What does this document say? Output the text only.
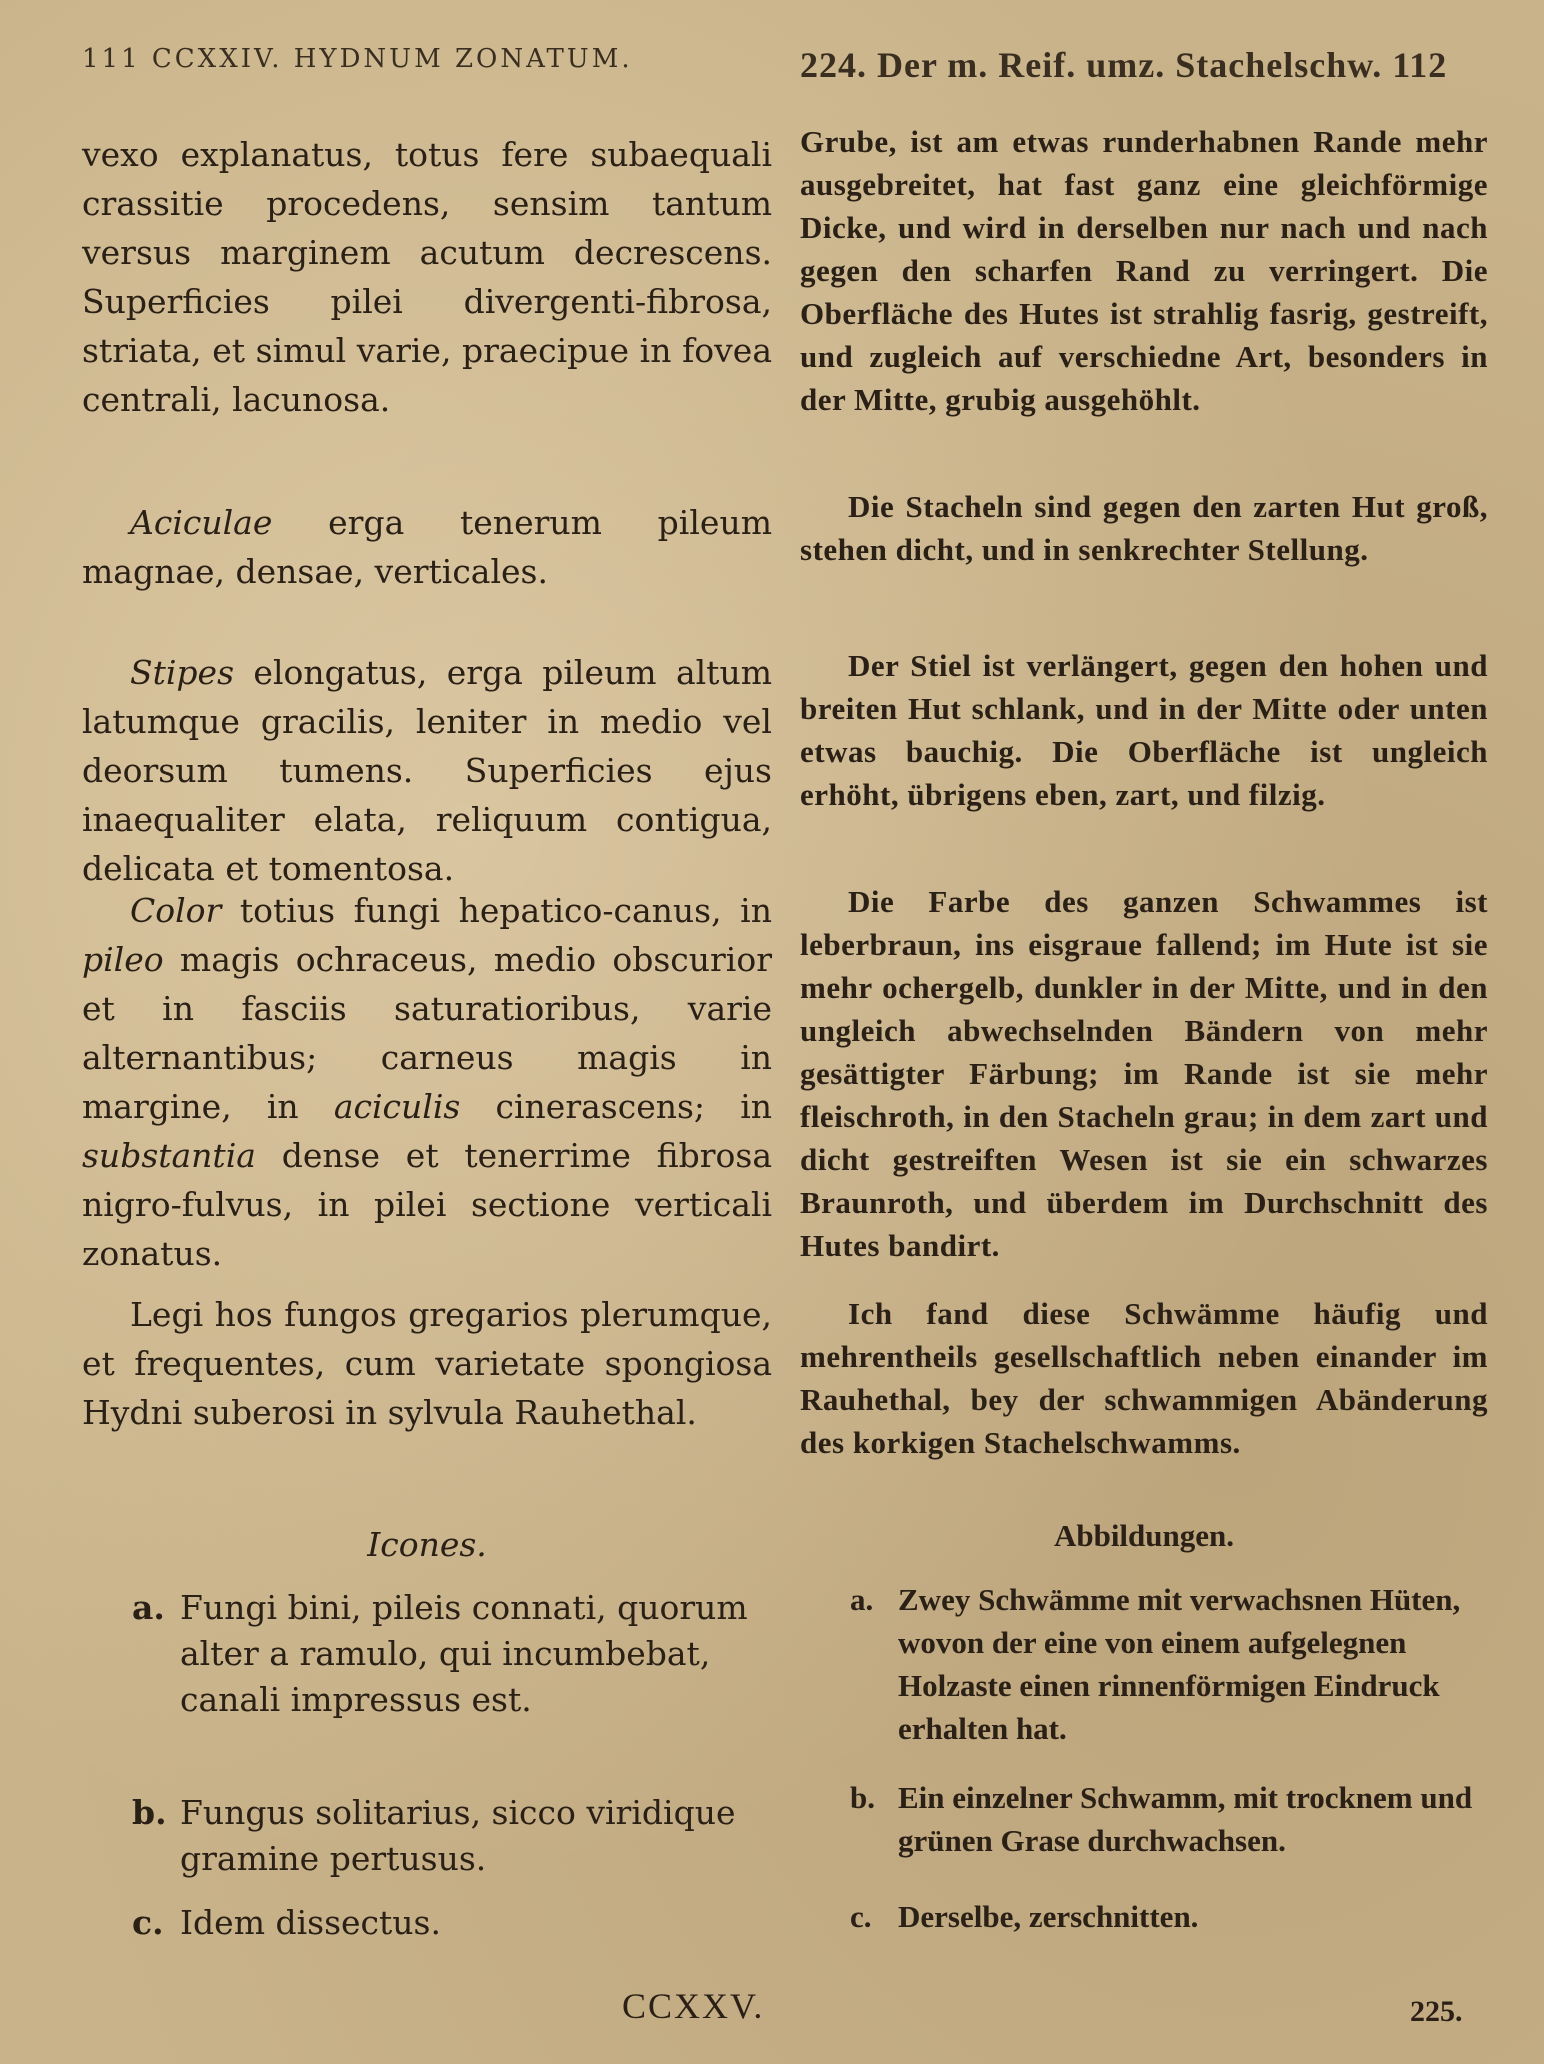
111 CCXXIV. HYDNUM ZONATUM.
vexo explanatus, totus fere subaequali crassitie procedens, sensim tantum versus marginem acutum decrescens. Superficies pilei divergenti-fibrosa, striata, et simul varie, praecipue in fovea centrali, lacunosa.
Aciculae erga tenerum pileum magnae, densae, verticales.
Stipes elongatus, erga pileum altum latumque gracilis, leniter in medio vel deorsum tumens. Superficies ejus inaequaliter elata, reliquum contigua, delicata et tomentosa.
Color totius fungi hepatico-canus, in pileo magis ochraceus, medio obscurior et in fasciis saturatioribus, varie alternantibus; carneus magis in margine, in aciculis cinerascens; in substantia dense et tenerrime fibrosa nigro-fulvus, in pilei sectione verticali zonatus.
Legi hos fungos gregarios plerumque, et frequentes, cum varietate spongiosa Hydni suberosi in sylvula Rauhethal.
Icones.
a. Fungi bini, pileis connati, quorum alter a ramulo, qui incumbebat, canali impressus est.
b. Fungus solitarius, sicco viridique gramine pertusus.
c. Idem dissectus.
CCXXV.
224. Der m. Reif. umz. Stachelschw. 112
Grube, ist am etwas runderhabnen Rande mehr ausgebreitet, hat fast ganz eine gleichförmige Dicke, und wird in derselben nur nach und nach gegen den scharfen Rand zu verringert. Die Oberfläche des Hutes ist strahlig fasrig, gestreift, und zugleich auf verschiedne Art, besonders in der Mitte, grubig ausgehöhlt.
Die Stacheln sind gegen den zarten Hut groß, stehen dicht, und in senkrechter Stellung.
Der Stiel ist verlängert, gegen den hohen und breiten Hut schlank, und in der Mitte oder unten etwas bauchig. Die Oberfläche ist ungleich erhöht, übrigens eben, zart, und filzig.
Die Farbe des ganzen Schwammes ist leberbraun, ins eisgraue fallend; im Hute ist sie mehr ochergelb, dunkler in der Mitte, und in den ungleich abwechselnden Bändern von mehr gesättigter Färbung; im Rande ist sie mehr fleischroth, in den Stacheln grau; in dem zart und dicht gestreiften Wesen ist sie ein schwarzes Braunroth, und überdem im Durchschnitt des Hutes bandirt.
Ich fand diese Schwämme häufig und mehrentheils gesellschaftlich neben einander im Rauhethal, bey der schwammigen Abänderung des korkigen Stachelschwamms.
Abbildungen.
a. Zwey Schwämme mit verwachsnen Hüten, wovon der eine von einem aufgelegnen Holzaste einen rinnenförmigen Eindruck erhalten hat.
b. Ein einzelner Schwamm, mit trocknem und grünen Grase durchwachsen.
c. Derselbe, zerschnitten.
225.
